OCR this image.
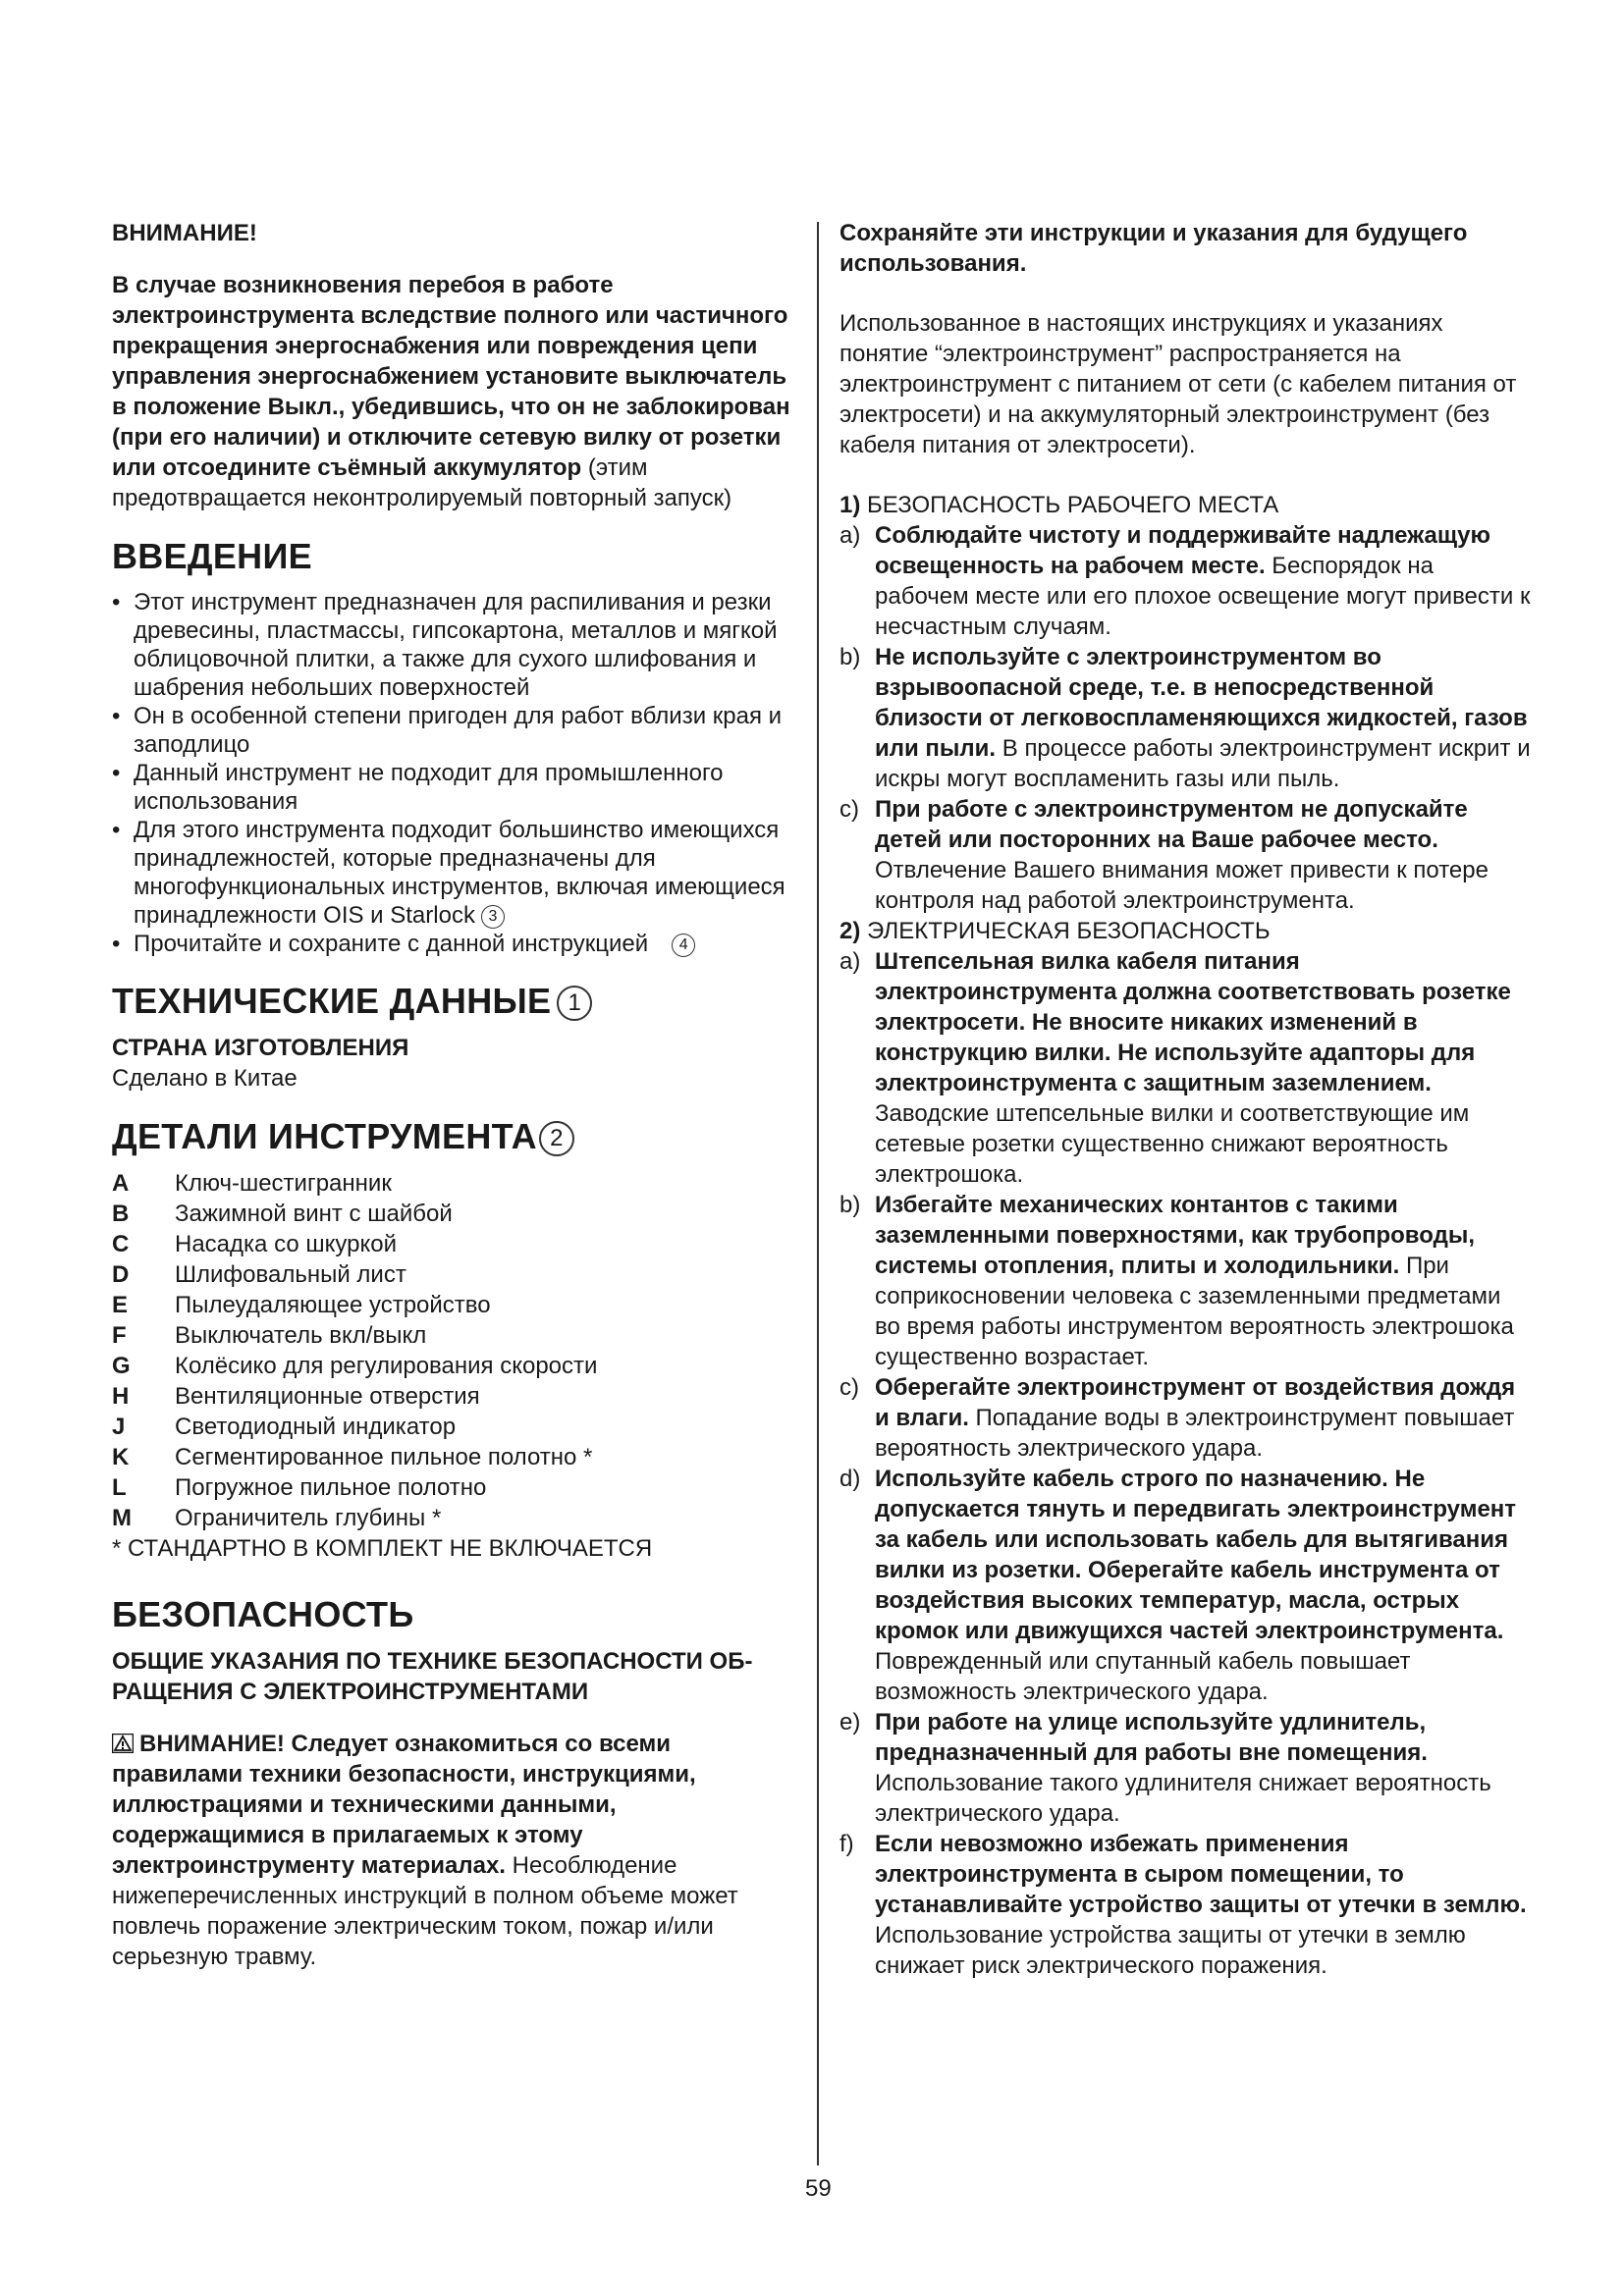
ВНИМАНИЕ!

В случае возникновения перебоя в работе электроинструмента вследствие полного или частичного прекращения энергоснабжения или повреждения цепи управления энергоснабжением установите выключатель в положение Выкл., убедившись, что он не заблокирован (при его наличии) и отключите сетевую вилку от розетки или отсоедините съёмный аккумулятор (этим предотвращается неконтролируемый повторный запуск)

ВВЕДЕНИЕ
• Этот инструмент предназначен для распиливания и резки древесины, пластмассы, гипсокартона, металлов и мягкой облицовочной плитки, а также для сухого шлифования и шабрения небольших поверхностей
• Он в особенной степени пригоден для работ вблизи края и заподлицо
• Данный инструмент не подходит для промышленного использования
• Для этого инструмента подходит большинство имеющихся принадлежностей, которые предназначены для многофункциональных инструментов, включая имеющиеся принадлежности OIS и Starlock 3
• Прочитайте и сохраните с данной инструкцией 4
ТЕХНИЧЕСКИЕ ДАННЫЕ 1
СТРАНА ИЗГОТОВЛЕНИЯ

Сделано в Китае

ДЕТАЛИ ИНСТРУМЕНТА 2
A	Ключ-шестигранник
B	Зажимной винт с шайбой
C	Насадка со шкуркой
D	Шлифовальный лист
E	Пылеудаляющее устройство
F	Выключатель вкл/выкл
G	Колёсико для регулирования скорости
H	Вентиляционные отверстия
J	Светодиодный индикатор
K	Сегментированное пильное полотно *
L	Погружное пильное полотно
M	Ограничитель глубины *

* СТАНДАРТНО В КОМПЛЕКТ НЕ ВКЛЮЧАЕТСЯ

БЕЗОПАСНОСТЬ
ОБЩИЕ УКАЗАНИЯ ПО ТЕХНИКЕ БЕЗОПАСНОСТИ ОБ- РАЩЕНИЯ С ЭЛЕКТРОИНСТРУМЕНТАМИ

ВНИМАНИЕ! Следует ознакомиться со всеми правилами техники безопасности, инструкциями, иллюстрациями и техническими данными, содержащимися в прилагаемых к этому электроинструменту материалах. Несоблюдение нижеперечисленных инструкций в полном объеме может повлечь поражение электрическим током, пожар и/или серьезную травму.

Сохраняйте эти инструкции и указания для будущего использования.

Использованное в настоящих инструкциях и указаниях понятие “электроинструмент” распространяется на электроинструмент с питанием от сети (с кабелем питания от электросети) и на аккумуляторный электроинструмент (без кабеля питания от электросети).

1) БЕЗОПАСНОСТЬ РАБОЧЕГО МЕСТА
a) Соблюдайте чистоту и поддерживайте надлежащую освещенность на рабочем месте. Беспорядок на рабочем месте или его плохое освещение могут привести к несчастным случаям.

b) Не используйте с электроинструментом во взрывоопасной среде, т.е. в непосредственной близости от легковоспламеняющихся жидкостей, газов или пыли. В процессе работы электроинструмент искрит и искры могут воспламенить газы или пыль.

c) При работе с электроинструментом не допускайте детей или посторонних на Ваше рабочее место. Отвлечение Вашего внимания может привести к потере контроля над работой электроинструмента.

2) ЭЛЕКТРИЧЕСКАЯ БЕЗОПАСНОСТЬ
a) Штепсельная вилка кабеля питания электроинструмента должна соответствовать розетке электросети. Не вносите никаких изменений в конструкцию вилки. Не используйте адапторы для электроинструмента с защитным заземлением. Заводские штепсельные вилки и соответствующие им сетевые розетки существенно снижают вероятность электрошока.

b) Избегайте механических контантов с такими заземленными поверхностями, как трубопроводы, системы отопления, плиты и холодильники. При соприкосновении человека с заземленными предметами во время работы инструментом вероятность электрошока существенно возрастает.

c) Оберегайте электроинструмент от воздействия дождя и влаги. Попадание воды в электроинструмент повышает вероятность электрического удара.

d) Используйте кабель строго по назначению. Не допускается тянуть и передвигать электроинструмент за кабель или использовать кабель для вытягивания вилки из розетки. Оберегайте кабель инструмента от воздействия высоких температур, масла, острых кромок или движущихся частей электроинструмента. Поврежденный или спутанный кабель повышает возможность электрического удара.

e) При работе на улице используйте удлинитель, предназначенный для работы вне помещения. Использование такого удлинителя снижает вероятность электрического удара.

f) Если невозможно избежать применения электроинструмента в сыром помещении, то устанавливайте устройство защиты от утечки в землю. Использование устройства защиты от утечки в землю снижает риск электрического поражения.

59
